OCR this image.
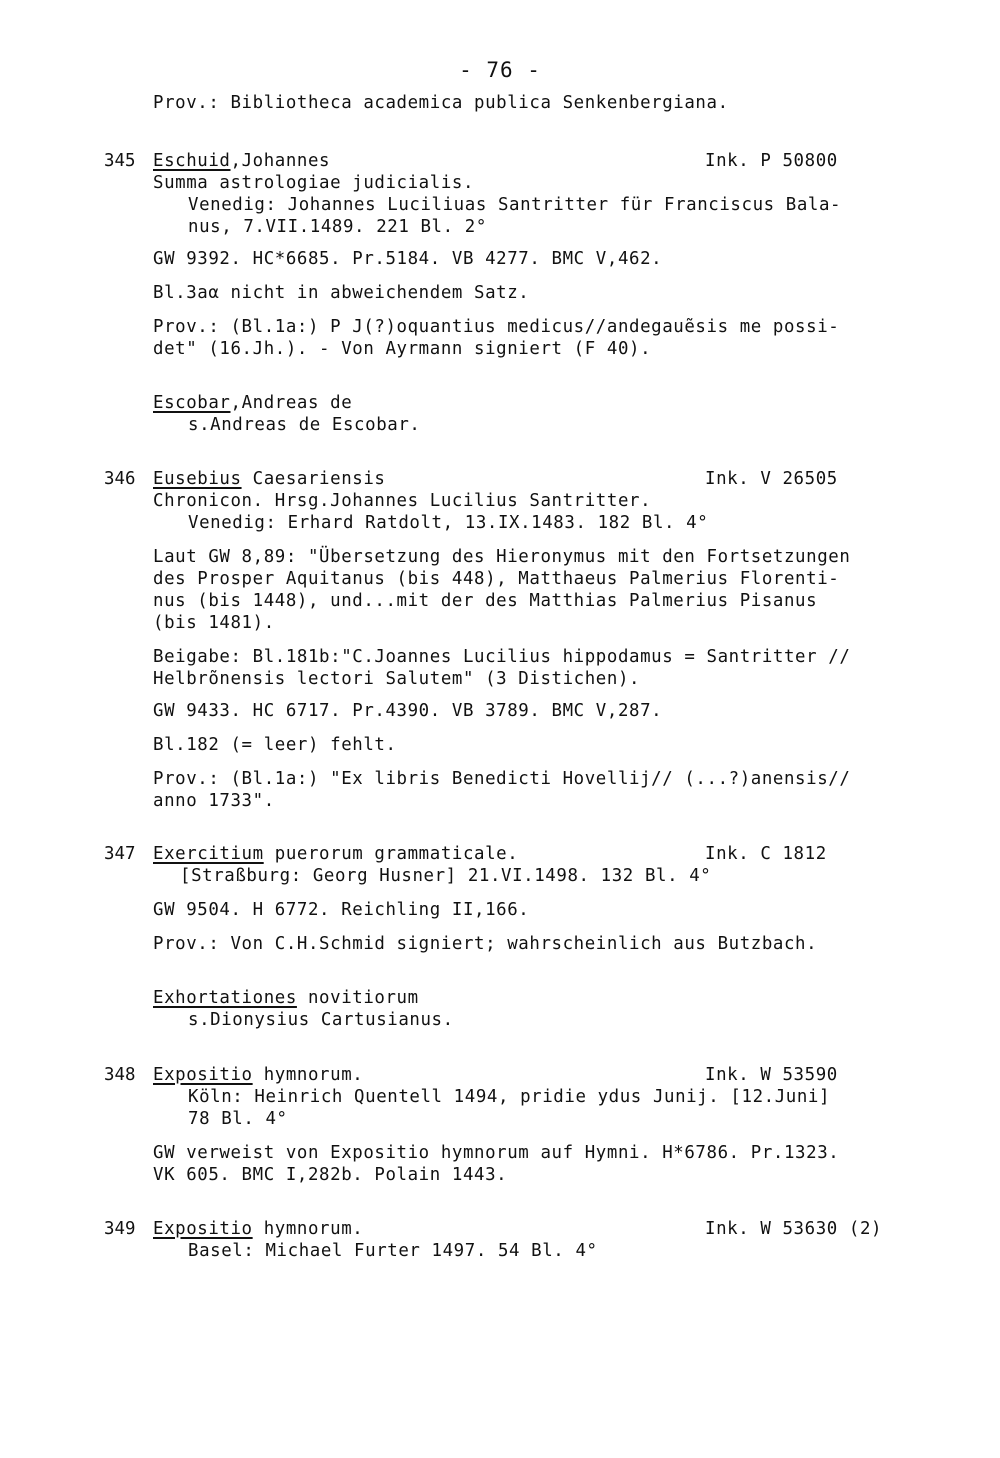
- 76 -
Prov.: Bibliotheca academica publica Senkenbergiana.
345 Eschuid,Johannes	Ink. P 50800
Summa astrologiae judicialis.
Venedig: Johannes Luciliuas Santritter für Franciscus Bala-
nus, 7.VII.1489. 221 Bl. 2°
GW 9392. HC*6685. Pr.5184. VB 4277. BMC V,462.
Bl.3aα nicht in abweichendem Satz.
Prov.: (Bl.1a:) P J(?)oquantius medicus//andegauẽsis me possi-
det" (16.Jh.). - Von Ayrmann signiert (F 40).
Escobar,Andreas de
s.Andreas de Escobar.
346 Eusebius Caesariensis	Ink. V 26505
Chronicon. Hrsg.Johannes Lucilius Santritter.
Venedig: Erhard Ratdolt, 13.IX.1483. 182 Bl. 4°
Laut GW 8,89: "Übersetzung des Hieronymus mit den Fortsetzungen
des Prosper Aquitanus (bis 448), Matthaeus Palmerius Florenti-
nus (bis 1448), und...mit der des Matthias Palmerius Pisanus
(bis 1481).
Beigabe: Bl.181b:"C.Joannes Lucilius hippodamus = Santritter //
Helbrõnensis lectori Salutem" (3 Distichen).
GW 9433. HC 6717. Pr.4390. VB 3789. BMC V,287.
Bl.182 (= leer) fehlt.
Prov.: (Bl.1a:) "Ex libris Benedicti Hovellij// (...?)anensis//
anno 1733".
347 Exercitium puerorum grammaticale.	Ink. C 1812
[Straßburg: Georg Husner] 21.VI.1498. 132 Bl. 4°
GW 9504. H 6772. Reichling II,166.
Prov.: Von C.H.Schmid signiert; wahrscheinlich aus Butzbach.
Exhortationes novitiorum
s.Dionysius Cartusianus.
348 Expositio hymnorum.	Ink. W 53590
Köln: Heinrich Quentell 1494, pridie ydus Junij. [12.Juni]
78 Bl. 4°
GW verweist von Expositio hymnorum auf Hymni. H*6786. Pr.1323.
VK 605. BMC I,282b. Polain 1443.
349 Expositio hymnorum.	Ink. W 53630 (2)
Basel: Michael Furter 1497. 54 Bl. 4°
